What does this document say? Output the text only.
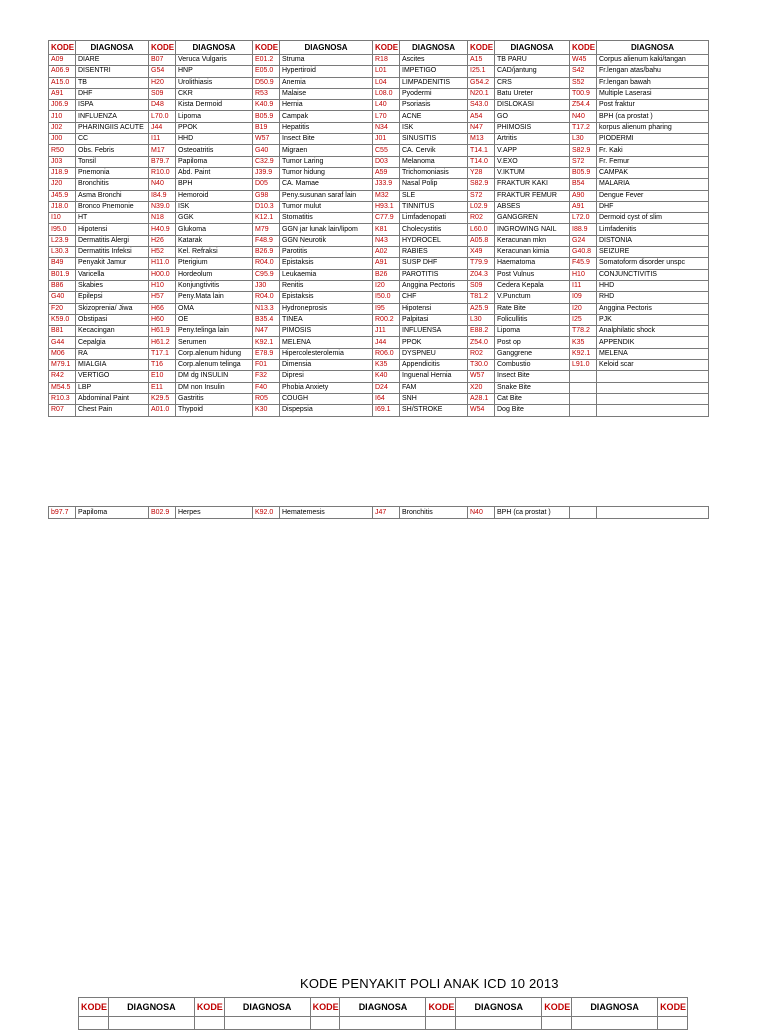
KODE	DIAGNOSA	KODE	DIAGNOSA	KODE	DIAGNOSA	KODE	DIAGNOSA	KODE	DIAGNOSA	KODE	DIAGNOSA
A09	DIARE	B07	Veruca Vulgaris	E01.2	Struma	R18	Ascites	A15	TB PARU	W45	Corpus alienum kaki/tangan
A06.9	DISENTRI	G54	HNP	E05.0	Hypertiroid	L01	IMPETIGO	I25.1	CAD/jantung	S42	Fr.lengan atas/bahu
A15.0	TB	H20	Urolithiasis	D50.9	Anemia	L04	LIMPADENITIS	G54.2	CRS	S52	Fr.lengan bawah
A91	DHF	S09	CKR	R53	Malaise	L08.0	Pyodermi	N20.1	Batu Ureter	T00.9	Multiple Laserasi
J06.9	ISPA	D48	Kista Dermoid	K40.9	Hernia	L40	Psoriasis	S43.0	DISLOKASI	Z54.4	Post fraktur
J10	INFLUENZA	L70.0	Lipoma	B05.9	Campak	L70	ACNE	A54	GO	N40	BPH (ca prostat )
J02	PHARINGIIS ACUTE	J44	PPOK	B19	Hepatitis	N34	ISK	N47	PHIMOSIS	T17.2	korpus alienum pharing
J00	CC	I11	HHD	W57	Insect Bite	J01	SINUSITIS	M13	Artritis	L30	PIODERMI
R50	Obs. Febris	M17	Osteoatritis	G40	Migraen	C55	CA. Cervik	T14.1	V.APP	S82.9	Fr. Kaki
J03	Tonsil	B79.7	Papiloma	C32.9	Tumor Laring	D03	Melanoma	T14.0	V.EXO	S72	Fr. Femur
J18.9	Pnemonia	R10.0	Abd. Paint	J39.9	Tumor hidung	A59	Trichomoniasis	Y28	V.IKTUM	B05.9	CAMPAK
J20	Bronchitis	N40	BPH	D05	CA. Mamae	J33.9	Nasal Polip	S82.9	FRAKTUR KAKI	B54	MALARIA
J45.9	Asma Bronchi	I84.9	Hemoroid	G98	Peny.susunan saraf lain	M32	SLE	S72	FRAKTUR FEMUR	A90	Dengue Fever
J18.0	Bronco Pnemonie	N39.0	ISK	D10.3	Tumor mulut	H93.1	TINNITUS	L02.9	ABSES	A91	DHF
I10	HT	N18	GGK	K12.1	Stomatitis	C77.9	Limfadenopati	R02	GANGGREN	L72.0	Dermoid cyst of slim
I95.0	Hipotensi	H40.9	Glukoma	M79	GGN jar lunak lain/lipom	K81	Cholecystitis	L60.0	INGROWING NAIL	I88.9	Limfadenitis
L23.9	Dermatitis Alergi	H26	Katarak	F48.9	GGN Neurotik	N43	HYDROCEL	A05.8	Keracunan mkn	G24	DISTONIA
L30.3	Dermatitis Infeksi	H52	Kel. Refraksi	B26.9	Parotitis	A02	RABIES	X49	Keracunan kimia	G40.8	SEIZURE
B49	Penyakit Jamur	H11.0	Pterigium	R04.0	Epistaksis	A91	SUSP DHF	T79.9	Haematoma	F45.9	Somatoform disorder unspc
B01.9	Varicella	H00.0	Hordeolum	C95.9	Leukaemia	B26	PAROTITIS	Z04.3	Post Vulnus	H10	CONJUNCTIVITIS
B86	Skabies	H10	Konjungtivitis	J30	Renitis	I20	Anggina Pectoris	S09	Cedera Kepala	I11	HHD
G40	Epilepsi	H57	Peny.Mata lain	R04.0	Epistaksis	I50.0	CHF	T81.2	V.Punctum	I09	RHD
F20	Skizoprenia/ Jiwa	H66	OMA	N13.3	Hydroneprosis	I95	Hipotensi	A25.9	Rate Bite	I20	Anggina Pectoris
K59.0	Obstipasi	H60	OE	B35.4	TINEA	R00.2	Palpitasi	L30	Folicullitis	I25	PJK
B81	Kecacingan	H61.9	Peny.telinga lain	N47	PIMOSIS	J11	INFLUENSA	E88.2	Lipoma	T78.2	Analphilatic shock
G44	Cepalgia	H61.2	Serumen	K92.1	MELENA	J44	PPOK	Z54.0	Post op	K35	APPENDIK
M06	RA	T17.1	Corp.alenum hidung	E78.9	Hipercolesterolemia	R06.0	DYSPNEU	R02	Ganggrene	K92.1	MELENA
M79.1	MIALGIA	T16	Corp.alenum telinga	F01	Dimensia	K35	Appendicitis	T30.0	Combustio	L91.0	Keloid scar
R42	VERTIGO	E10	DM dg INSULIN	F32	Dipresi	K40	Inguenal Hernia	W57	Insect Bite		
M54.5	LBP	E11	DM non Insulin	F40	Phobia Anxiety	D24	FAM	X20	Snake Bite		
R10.3	Abdominal Paint	K29.5	Gastritis	R05	COUGH	I64	SNH	A28.1	Cat Bite		
R07	Chest Pain	A01.0	Thypoid	K30	Dispepsia	I69.1	SH/STROKE	W54	Dog Bite		
b97.7	Papiloma	B02.9	Herpes	K92.0	Hematemesis	J47	Bronchitis	N40	BPH (ca prostat )		
KODE PENYAKIT POLI ANAK ICD 10 2013
KODE	DIAGNOSA	KODE	DIAGNOSA	KODE	DIAGNOSA	KODE	DIAGNOSA	KODE	DIAGNOSA	KODE
